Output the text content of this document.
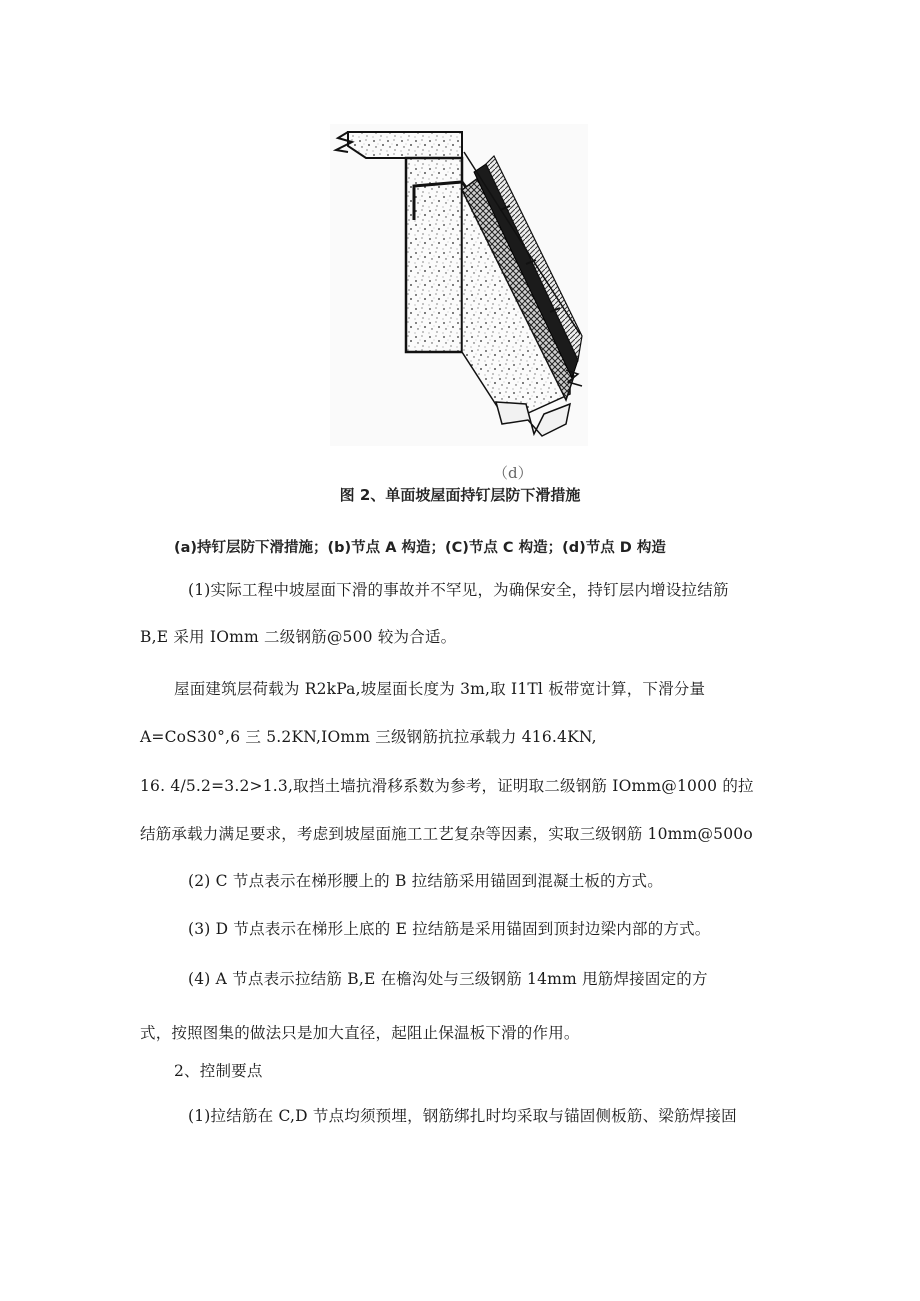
（d）
图 2、单面坡屋面持钉层防下滑措施
(a)持钉层防下滑措施；(b)节点 A 构造；(C)节点 C 构造；(d)节点 D 构造
(1)实际工程中坡屋面下滑的事故并不罕见，为确保安全，持钉层内增设拉结筋
B,E 采用 IOmm 二级钢筋@500 较为合适。
屋面建筑层荷载为 R2kPa,坡屋面长度为 3m,取 I1Tl 板带宽计算，下滑分量
A=CoS30°,6 三 5.2KN,IOmm 三级钢筋抗拉承载力 416.4KN,
16. 4/5.2=3.2>1.3,取挡土墙抗滑移系数为参考，证明取二级钢筋 IOmm@1000 的拉
结筋承载力满足要求，考虑到坡屋面施工工艺复杂等因素，实取三级钢筋 10mm@500o
(2) C 节点表示在梯形腰上的 B 拉结筋采用锚固到混凝土板的方式。
(3) D 节点表示在梯形上底的 E 拉结筋是采用锚固到顶封边梁内部的方式。
(4) A 节点表示拉结筋 B,E 在檐沟处与三级钢筋 14mm 甩筋焊接固定的方
式，按照图集的做法只是加大直径，起阻止保温板下滑的作用。
2、控制要点
(1)拉结筋在 C,D 节点均须预埋，钢筋绑扎时均采取与锚固侧板筋、梁筋焊接固
